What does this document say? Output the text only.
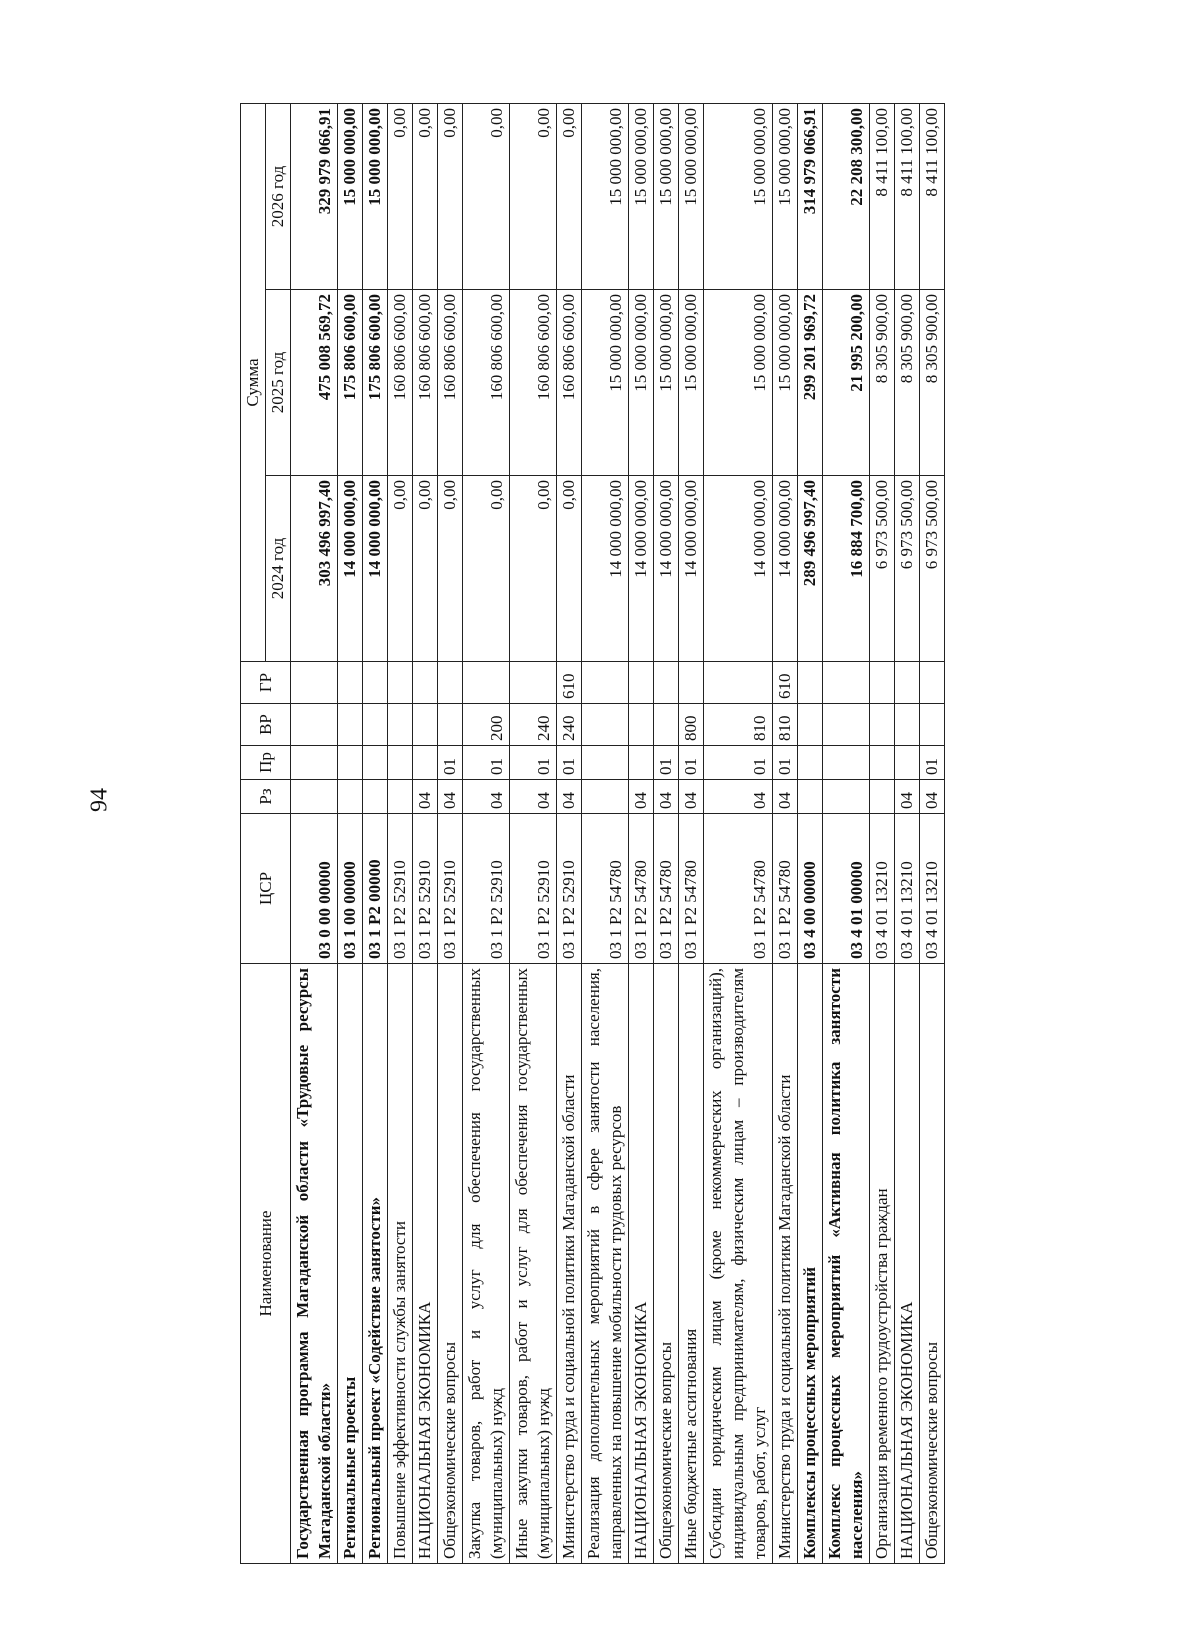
94
Наименование	ЦСР	Рз	Пр	ВР	ГР	Сумма		
						2024 год	2025 год	2026 год
Государственная программа Магаданской области «Трудовые ресурсы Магаданской области»	03 0 00 00000					303 496 997,40	475 008 569,72	329 979 066,91
Региональные проекты	03 1 00 00000					14 000 000,00	175 806 600,00	15 000 000,00
Региональный проект «Содействие занятости»	03 1 Р2 00000					14 000 000,00	175 806 600,00	15 000 000,00
Повышение эффективности службы занятости	03 1 Р2 52910					0,00	160 806 600,00	0,00
НАЦИОНАЛЬНАЯ ЭКОНОМИКА	03 1 Р2 52910	04				0,00	160 806 600,00	0,00
Общеэкономические вопросы	03 1 Р2 52910	04	01			0,00	160 806 600,00	0,00
Закупка товаров, работ и услуг для обеспечения государственных (муниципальных) нужд	03 1 Р2 52910	04	01	200		0,00	160 806 600,00	0,00
Иные закупки товаров, работ и услуг для обеспечения государственных (муниципальных) нужд	03 1 Р2 52910	04	01	240		0,00	160 806 600,00	0,00
Министерство труда и социальной политики Магаданской области	03 1 Р2 52910	04	01	240	610	0,00	160 806 600,00	0,00
Реализация дополнительных мероприятий в сфере занятости населения, направленных на повышение мобильности трудовых ресурсов	03 1 Р2 54780					14 000 000,00	15 000 000,00	15 000 000,00
НАЦИОНАЛЬНАЯ ЭКОНОМИКА	03 1 Р2 54780	04				14 000 000,00	15 000 000,00	15 000 000,00
Общеэкономические вопросы	03 1 Р2 54780	04	01			14 000 000,00	15 000 000,00	15 000 000,00
Иные бюджетные ассигнования	03 1 Р2 54780	04	01	800		14 000 000,00	15 000 000,00	15 000 000,00
Субсидии юридическим лицам (кроме некоммерческих организаций), индивидуальным предпринимателям, физическим лицам – производителям товаров, работ, услуг	03 1 Р2 54780	04	01	810		14 000 000,00	15 000 000,00	15 000 000,00
Министерство труда и социальной политики Магаданской области	03 1 Р2 54780	04	01	810	610	14 000 000,00	15 000 000,00	15 000 000,00
Комплексы процессных мероприятий	03 4 00 00000					289 496 997,40	299 201 969,72	314 979 066,91
Комплекс процессных мероприятий «Активная политика занятости населения»	03 4 01 00000					16 884 700,00	21 995 200,00	22 208 300,00
Организация временного трудоустройства граждан	03 4 01 13210					6 973 500,00	8 305 900,00	8 411 100,00
НАЦИОНАЛЬНАЯ ЭКОНОМИКА	03 4 01 13210	04				6 973 500,00	8 305 900,00	8 411 100,00
Общеэкономические вопросы	03 4 01 13210	04	01			6 973 500,00	8 305 900,00	8 411 100,00
